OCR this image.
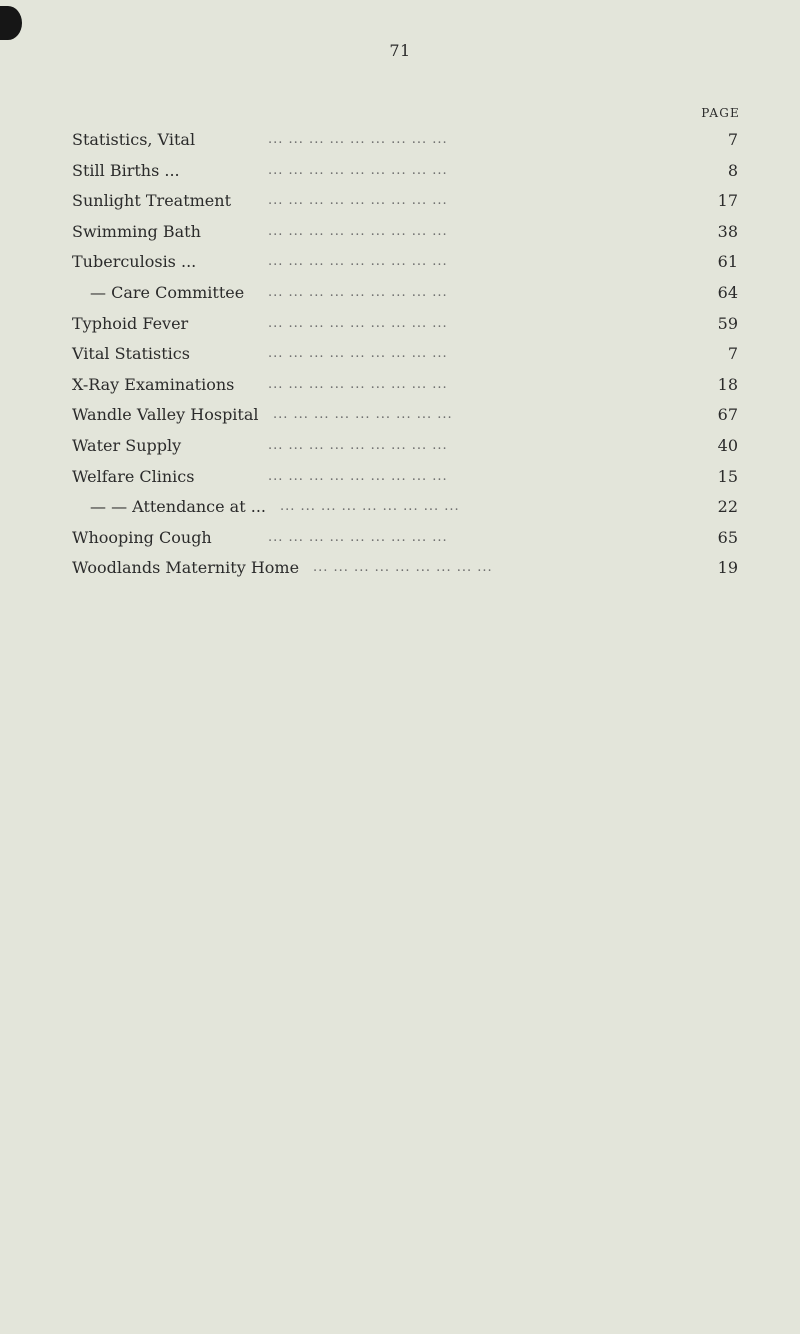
71
PAGE
Statistics, Vital	... ... ... ... ... ... ... ... ...	7
Still Births ...	... ... ... ... ... ... ... ... ...	8
Sunlight Treatment	... ... ... ... ... ... ... ... ...	17
Swimming Bath	... ... ... ... ... ... ... ... ...	38
Tuberculosis ...	... ... ... ... ... ... ... ... ...	61
— Care Committee ... ... ... ... ... ... ... ... ...	64
Typhoid Fever	... ... ... ... ... ... ... ... ...	59
Vital Statistics	... ... ... ... ... ... ... ... ...	7
X-Ray Examinations	... ... ... ... ... ... ... ... ...	18
Wandle Valley Hospital ... ... ... ... ... ... ... ... ...	67
Water Supply	... ... ... ... ... ... ... ... ...	40
Welfare Clinics	... ... ... ... ... ... ... ... ...	15
— — Attendance at ... ... ... ... ... ... ... ... ... ...	22
Whooping Cough	... ... ... ... ... ... ... ... ...	65
Woodlands Maternity Home ... ... ... ... ... ... ... ... ...	19
